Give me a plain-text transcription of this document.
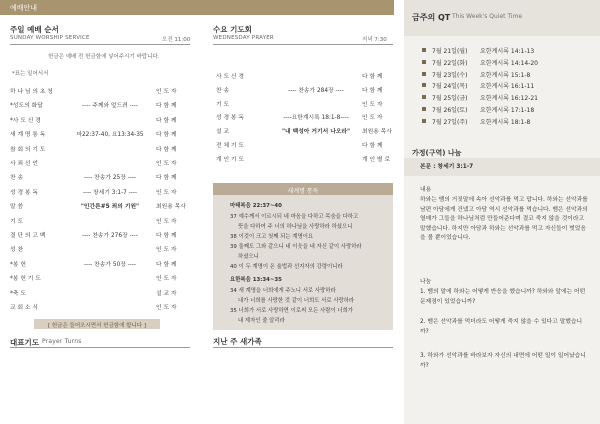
예배안내
주일 예배 순서
SUNDAY WORSHIP SERVICE	오전 11:00
헌금은 예배 전 헌금함에 넣어주시기 바랍니다.
*표는 일어서서
하 나 님 의 초 청	인 도 자
*성도의 화답	---- 주께와 엎드려 ----	다 함 께
*사 도 신 경	다 함 께
새 계 명 통 독	마22:37-40, 요13:34-35	다 함 께
참 회 의 기 도	다 함 께
사 죄 선 언	인 도 자
찬 송	---- 찬송가 25장 ----	다 함 께
성 경 봉 독	---- 창세기 3:1-7 ----	인 도 자
말 씀	"인간론#5 죄의 기원"	최원용 목사
기 도	인 도 자
결 단 의 고 백	---- 찬송가 276장 ----	다 함 께
성 찬	인 도 자
*봉 헌	---- 찬송가 50장 ----	다 함 께
*봉 헌 기 도	인 도 자
*축 도	설 교 자
교 회 소 식	인 도 자
[ 헌금은 들어오시면서 헌금함에 합니다 ]
대표기도 Prayer Turns
수요 기도회
WEDNESDAY PRAYER	저녁 7:30
사 도 신 경	다 함 께
찬 송	---- 찬송가 284장 ----	다 함 께
기 도	인 도 자
성 경 봉 독	----요한계시록 18:1-8----	인 도 자
설 교	"내 백성아 거기서 나오라"	최원용 목사
전 체 기 도	다 함 께
개 인 기 도	개 인 별 로
새계명 통독
마태복음 22:37~40
37 예수께서 이르시되 네 마음을 다하고 목숨을 다하고
뜻을 다하여 주 너의 하나님을 사랑하라 하셨으니
38 이것이 크고 첫째 되는 계명이요
39 둘째도 그와 같으니 네 이웃을 네 자신 같이 사랑하라
하셨으니
40 이 두 계명이 온 율법과 선지자의 강령이니라
요한복음 13:34~35
34 새 계명을 너희에게 주노니 서로 사랑하라
내가 너희를 사랑한 것 같이 너희도 서로 사랑하라
35 너희가 서로 사랑하면 이로써 모든 사람이 너희가
내 제자인 줄 알리라
지난 주 새가족
금주의 QT This Week's Quiet Time
7월 21일(월) 요한계시록 14:1-13
7월 22일(화) 요한계시록 14:14-20
7월 23일(수) 요한계시록 15:1-8
7월 24일(목) 요한계시록 16:1-11
7월 25일(금) 요한계시록 16:12-21
7월 26일(토) 요한계시록 17:1-18
7월 27일(주) 요한계시록 18:1-8
가정(구역) 나눔
본문 : 창세기 3:1-7
내용
하와는 뱀의 거짓말에 속아 선악과를 먹고 맙니다. 하와는 선악과를 남편 아담에게 건넸고 아담 역시 선악과를 먹습니다. 뱀은 선악과의 열매가 그들을 하나님처럼 만들어준다며 결코 죽지 않을 것이라고 말했습니다. 하지만 아담과 하와는 선악과를 먹고 자신들이 벗었음을 볼 뿐이었습니다.
나눔
1. 뱀의 말에 하와는 어떻게 반응을 했습니까? 하와와 앞에는 어떤 문제점이 있었습니까?
2. 뱀은 선악과를 먹더라도 어떻게 죽지 않을 수 있다고 말했습니까?
3. 하와가 선악과를 바라보자 자신의 내면에 어떤 일이 일어났습니까?
